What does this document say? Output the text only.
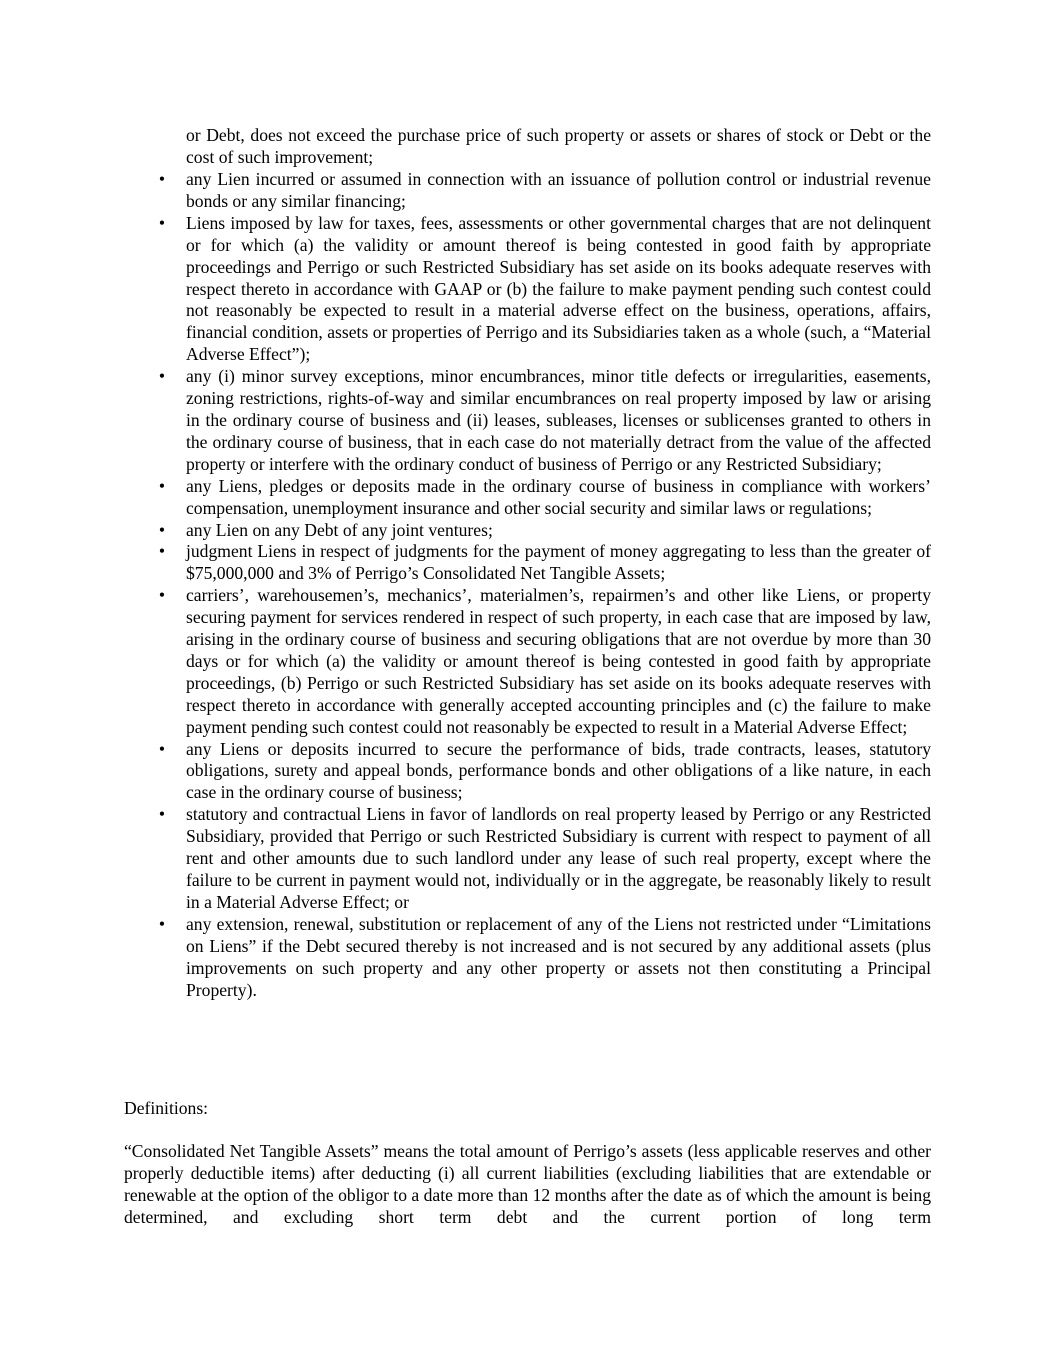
or Debt, does not exceed the purchase price of such property or assets or shares of stock or Debt or the cost of such improvement;

• any Lien incurred or assumed in connection with an issuance of pollution control or industrial revenue bonds or any similar financing;
• Liens imposed by law for taxes, fees, assessments or other governmental charges that are not delinquent or for which (a) the validity or amount thereof is being contested in good faith by appropriate proceedings and Perrigo or such Restricted Subsidiary has set aside on its books adequate reserves with respect thereto in accordance with GAAP or (b) the failure to make payment pending such contest could not reasonably be expected to result in a material adverse effect on the business, operations, affairs, financial condition, assets or properties of Perrigo and its Subsidiaries taken as a whole (such, a “Material Adverse Effect”);
• any (i) minor survey exceptions, minor encumbrances, minor title defects or irregularities, easements, zoning restrictions, rights-of-way and similar encumbrances on real property imposed by law or arising in the ordinary course of business and (ii) leases, subleases, licenses or sublicenses granted to others in the ordinary course of business, that in each case do not materially detract from the value of the affected property or interfere with the ordinary conduct of business of Perrigo or any Restricted Subsidiary;
• any Liens, pledges or deposits made in the ordinary course of business in compliance with workers’ compensation, unemployment insurance and other social security and similar laws or regulations;
• any Lien on any Debt of any joint ventures;
• judgment Liens in respect of judgments for the payment of money aggregating to less than the greater of $75,000,000 and 3% of Perrigo’s Consolidated Net Tangible Assets;
• carriers’, warehousemen’s, mechanics’, materialmen’s, repairmen’s and other like Liens, or property securing payment for services rendered in respect of such property, in each case that are imposed by law, arising in the ordinary course of business and securing obligations that are not overdue by more than 30 days or for which (a) the validity or amount thereof is being contested in good faith by appropriate proceedings, (b) Perrigo or such Restricted Subsidiary has set aside on its books adequate reserves with respect thereto in accordance with generally accepted accounting principles and (c) the failure to make payment pending such contest could not reasonably be expected to result in a Material Adverse Effect;
• any Liens or deposits incurred to secure the performance of bids, trade contracts, leases, statutory obligations, surety and appeal bonds, performance bonds and other obligations of a like nature, in each case in the ordinary course of business;
• statutory and contractual Liens in favor of landlords on real property leased by Perrigo or any Restricted Subsidiary, provided that Perrigo or such Restricted Subsidiary is current with respect to payment of all rent and other amounts due to such landlord under any lease of such real property, except where the failure to be current in payment would not, individually or in the aggregate, be reasonably likely to result in a Material Adverse Effect; or
• any extension, renewal, substitution or replacement of any of the Liens not restricted under “Limitations on Liens” if the Debt secured thereby is not increased and is not secured by any additional assets (plus improvements on such property and any other property or assets not then constituting a Principal Property).

Definitions:

“Consolidated Net Tangible Assets” means the total amount of Perrigo’s assets (less applicable reserves and other properly deductible items) after deducting (i) all current liabilities (excluding liabilities that are extendable or renewable at the option of the obligor to a date more than 12 months after the date as of which the amount is being determined, and excluding short term debt and the current portion of long term
